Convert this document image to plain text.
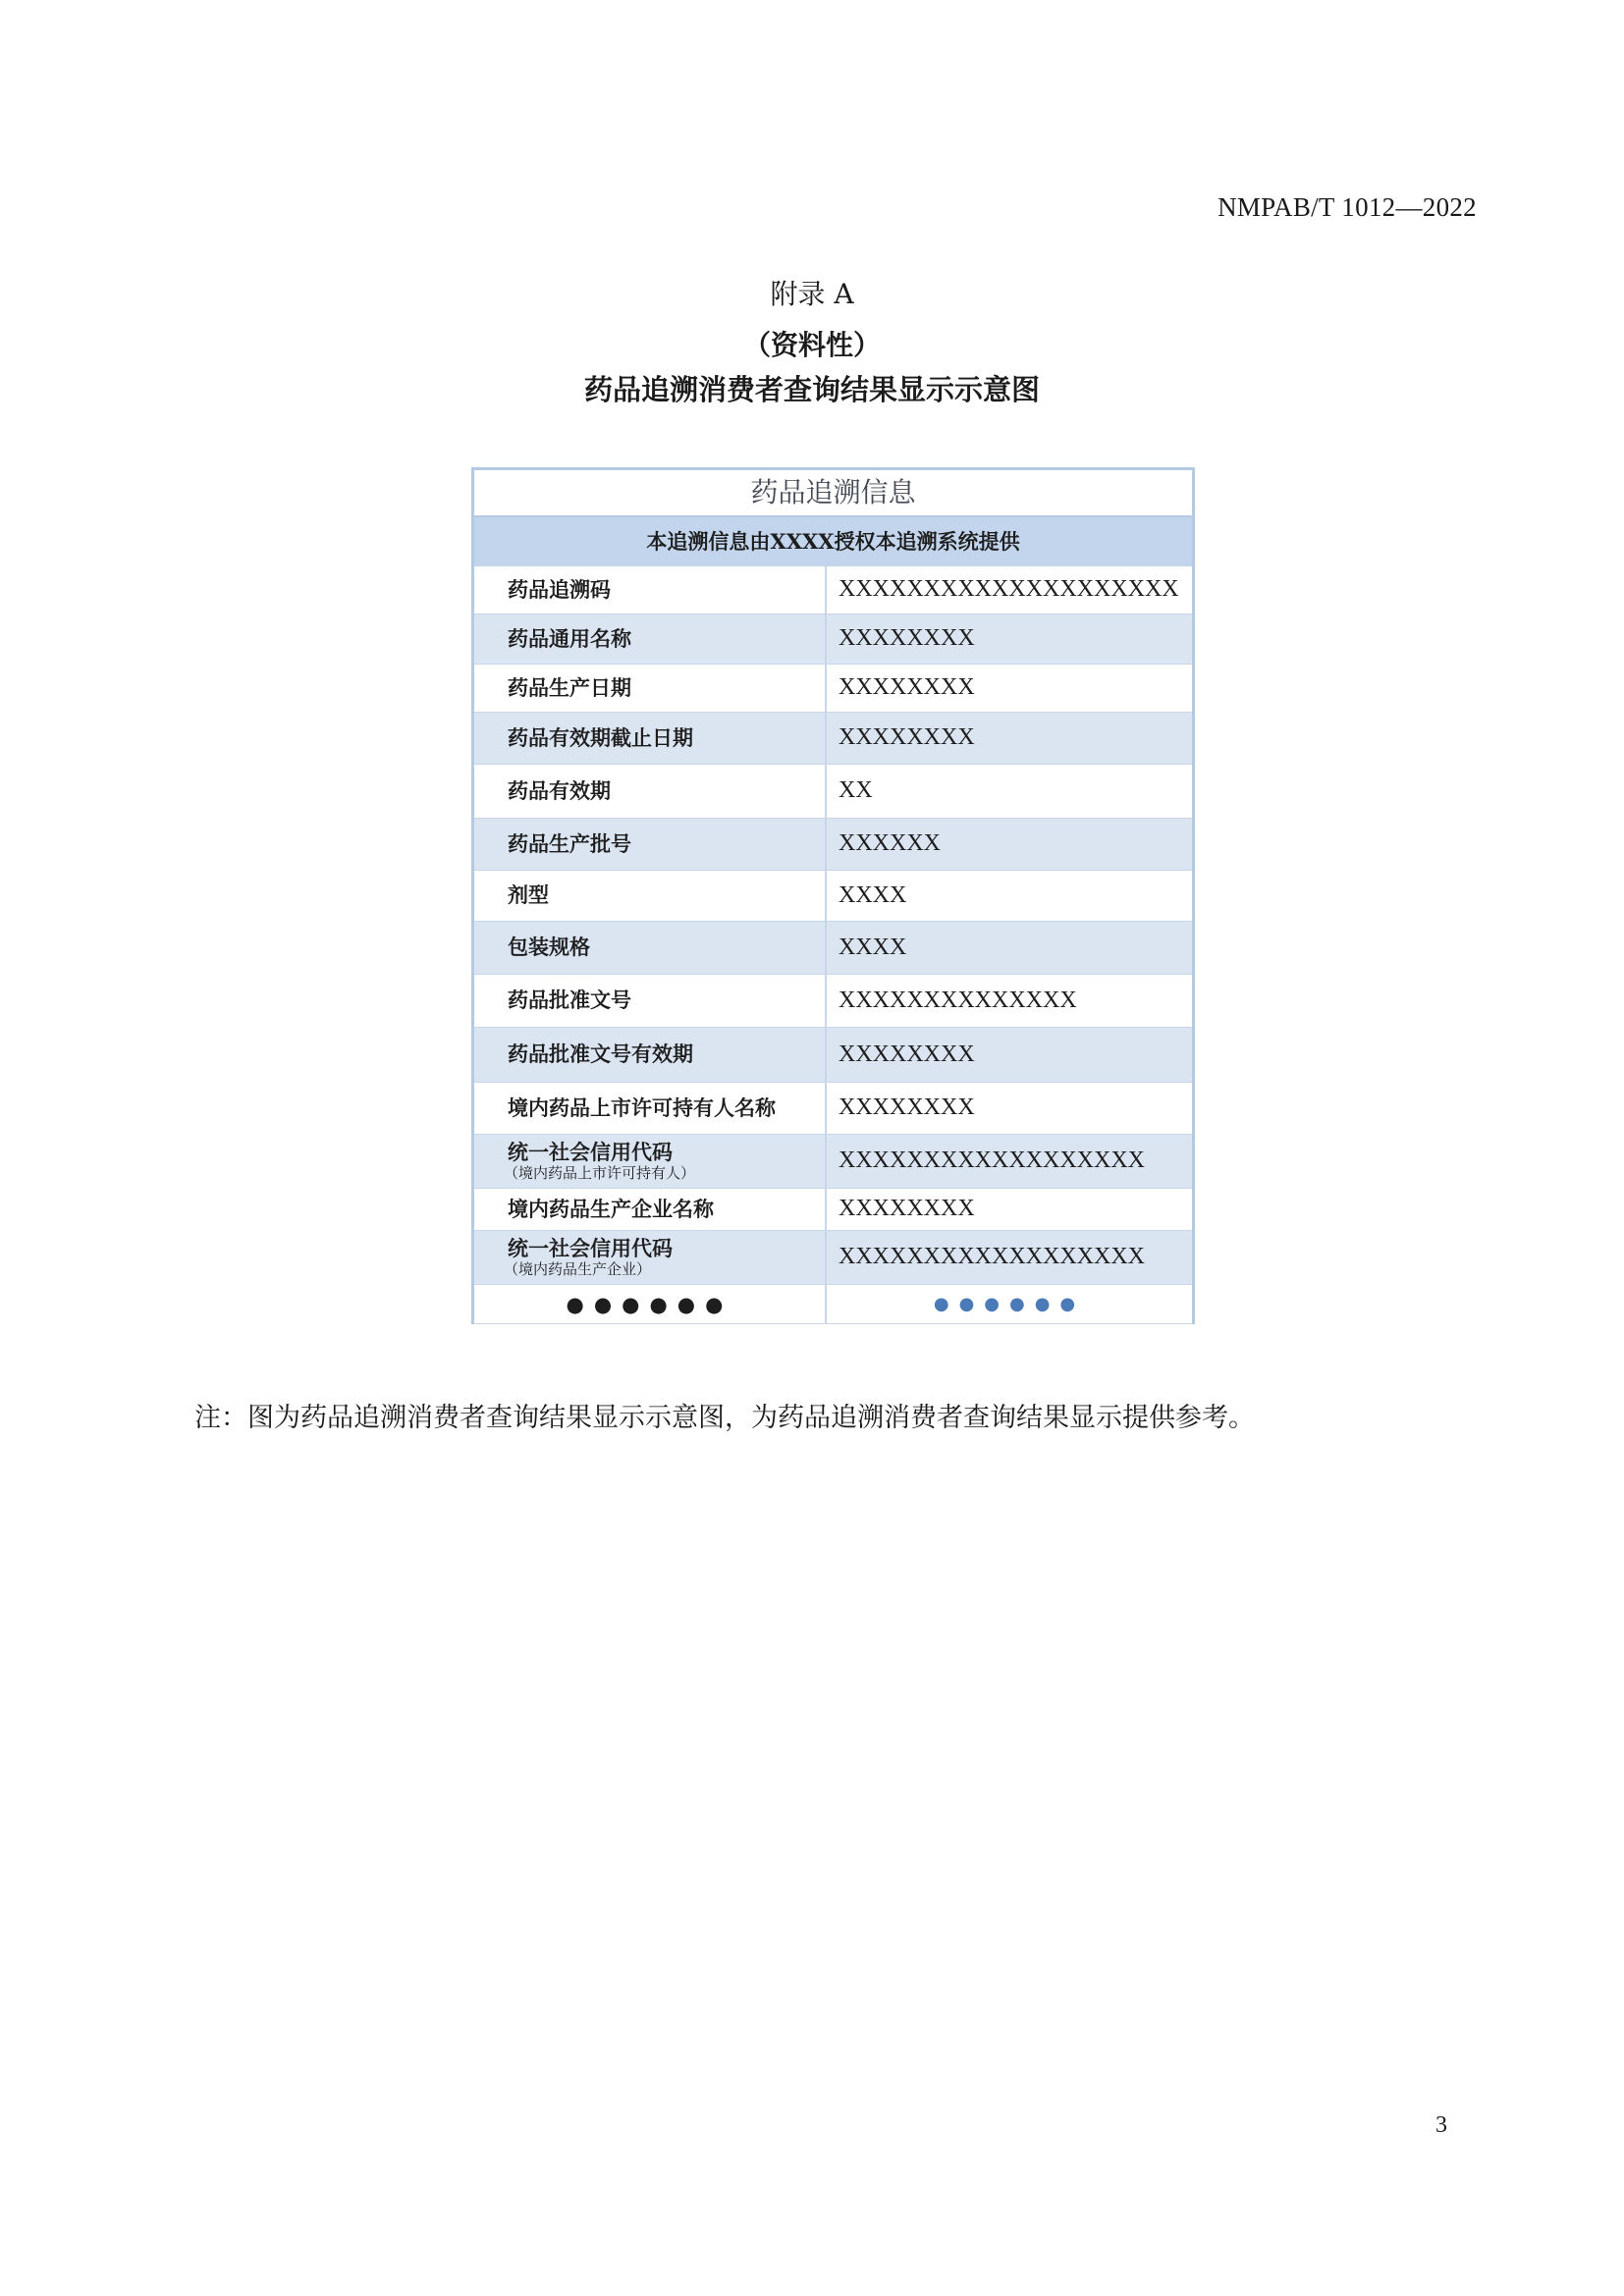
NMPAB/T 1012—2022
附录 A
（资料性）
药品追溯消费者查询结果显示示意图
药品追溯信息
本追溯信息由XXXX授权本追溯系统提供
药品追溯码	XXXXXXXXXXXXXXXXXXXX

药品通用名称	XXXXXXXX

药品生产日期	XXXXXXXX

药品有效期截止日期	XXXXXXXX

药品有效期	XX

药品生产批号	XXXXXX

剂型	XXXX

包装规格	XXXX

药品批准文号	XXXXXXXXXXXXXX

药品批准文号有效期	XXXXXXXX

境内药品上市许可持有人名称	XXXXXXXX

统一社会信用代码
（境内药品上市许可持有人）	XXXXXXXXXXXXXXXXXX

境内药品生产企业名称	XXXXXXXX

统一社会信用代码
（境内药品生产企业）	XXXXXXXXXXXXXXXXXX
●●●●●●	●●●●●●
注：图为药品追溯消费者查询结果显示示意图，为药品追溯消费者查询结果显示提供参考。
3
